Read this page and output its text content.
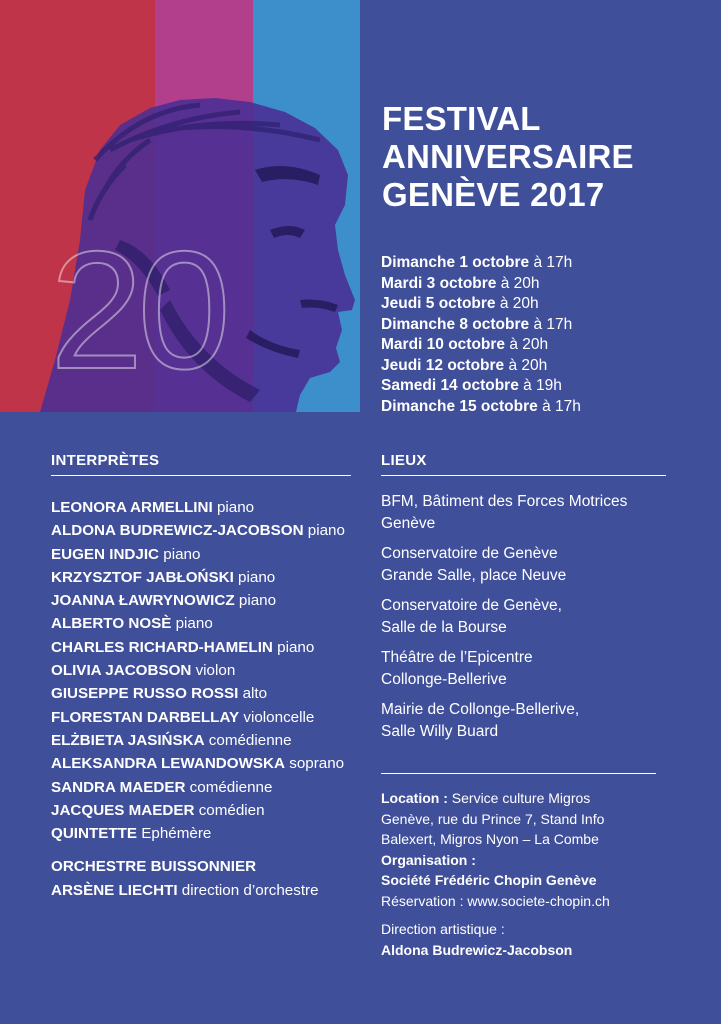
20
FESTIVAL
ANNIVERSAIRE
GENÈVE 2017
Dimanche 1 octobre à 17h
Mardi 3 octobre à 20h
Jeudi 5 octobre à 20h
Dimanche 8 octobre à 17h
Mardi 10 octobre à 20h
Jeudi 12 octobre à 20h
Samedi 14 octobre à 19h
Dimanche 15 octobre à 17h
INTERPRÈTES	LIEUX
LEONORA ARMELLINI piano
ALDONA BUDREWICZ-JACOBSON piano
EUGEN INDJIC piano
KRZYSZTOF JABŁOŃSKI piano
JOANNA ŁAWRYNOWICZ piano
ALBERTO NOSÈ piano
CHARLES RICHARD-HAMELIN piano
OLIVIA JACOBSON violon
GIUSEPPE RUSSO ROSSI alto
FLORESTAN DARBELLAY violoncelle
ELŻBIETA JASIŃSKA comédienne
ALEKSANDRA LEWANDOWSKA soprano
SANDRA MAEDER comédienne
JACQUES MAEDER comédien
QUINTETTE Ephémère
ORCHESTRE BUISSONNIER
ARSÈNE LIECHTI direction d’orchestre
BFM, Bâtiment des Forces Motrices
Genève
Conservatoire de Genève
Grande Salle, place Neuve
Conservatoire de Genève,
Salle de la Bourse
Théâtre de l’Epicentre
Collonge-Bellerive
Mairie de Collonge-Bellerive,
Salle Willy Buard
Location : Service culture Migros
Genève, rue du Prince 7, Stand Info
Balexert, Migros Nyon – La Combe
Organisation :
Société Frédéric Chopin Genève
Réservation : www.societe-chopin.ch
Direction artistique :
Aldona Budrewicz-Jacobson
